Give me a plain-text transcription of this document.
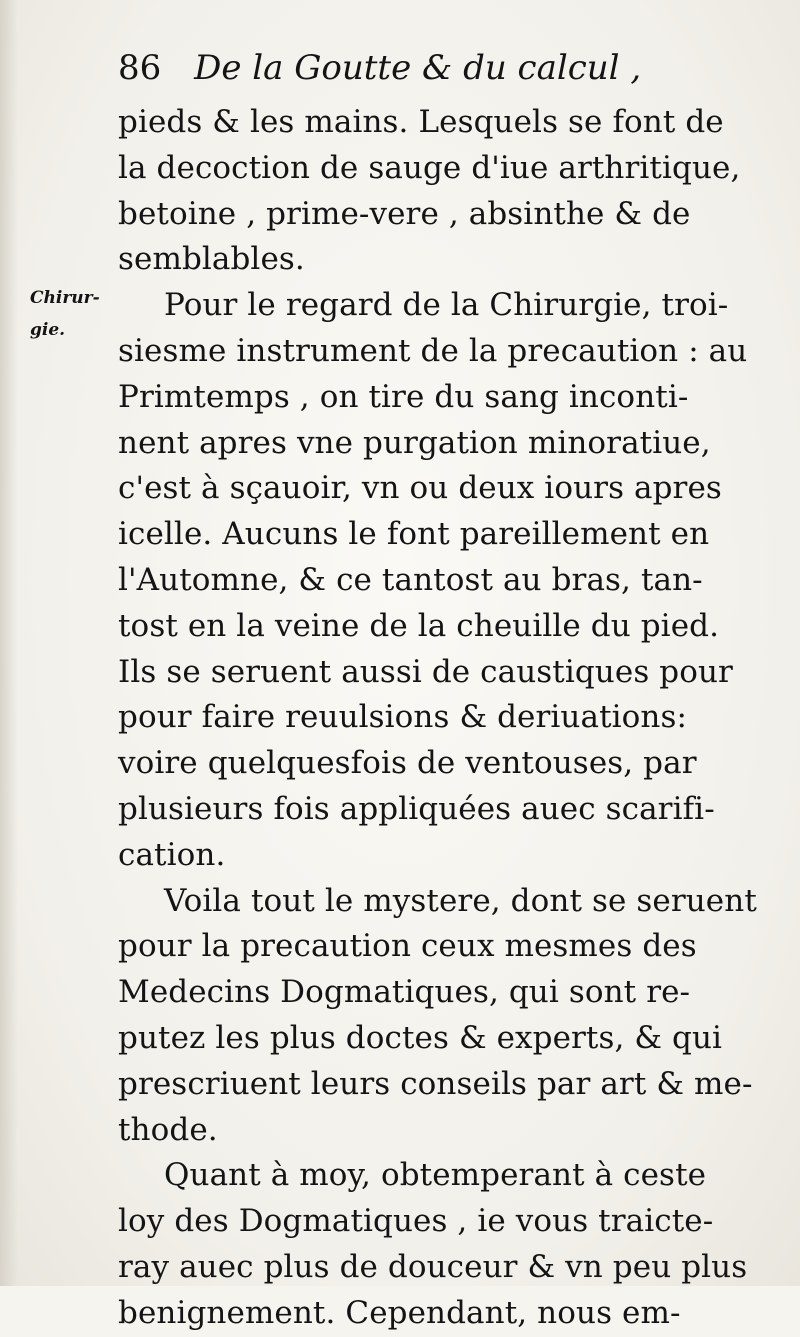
86 De la Goutte & du calcul ,
Chirur-
gie.
pieds & les mains. Lesquels se font de
la decoction de sauge d'iue arthritique,
betoine , prime-vere , absinthe & de
semblables.
Pour le regard de la Chirurgie, troi-
siesme instrument de la precaution : au
Primtemps , on tire du sang inconti-
nent apres vne purgation minoratiue,
c'est à sçauoir, vn ou deux iours apres
icelle. Aucuns le font pareillement en
l'Automne, & ce tantost au bras, tan-
tost en la veine de la cheuille du pied.
Ils se seruent aussi de caustiques pour
pour faire reuulsions & deriuations:
voire quelquesfois de ventouses, par
plusieurs fois appliquées auec scarifi-
cation.
Voila tout le mystere, dont se seruent
pour la precaution ceux mesmes des
Medecins Dogmatiques, qui sont re-
putez les plus doctes & experts, & qui
prescriuent leurs conseils par art & me-
thode.
Quant à moy, obtemperant à ceste
loy des Dogmatiques , ie vous traicte-
ray auec plus de douceur & vn peu plus
benignement. Cependant, nous em-
